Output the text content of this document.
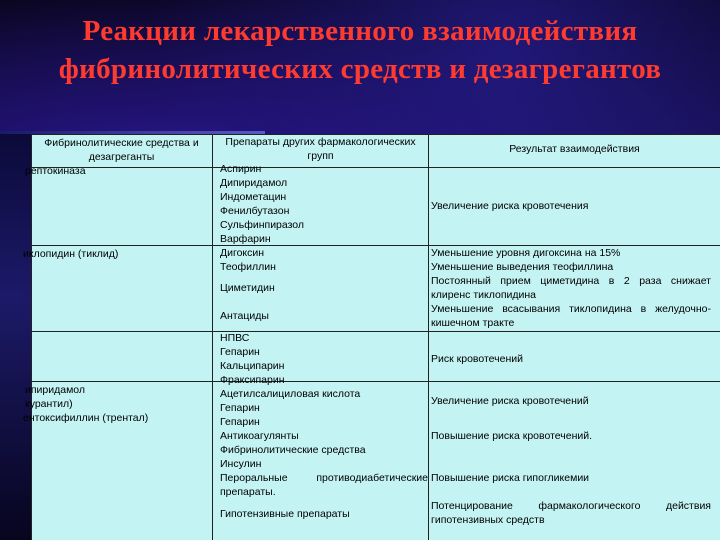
Реакции лекарственного взаимодействия
фибринолитических средств и дезагрегантов
Фибринолитические средства и
дезагреганты
Препараты других фармакологических
групп
Результат взаимодействия
рептокиназа
иклопидин (тиклид)
ипиридамол
курантил)
ентоксифиллин (трентал)
Аспирин
Дипиридамол
Индометацин
Фенилбутазон
Сульфинпиразол
Варфарин
Дигоксин
Теофиллин
Циметидин
Антациды
НПВС
Гепарин
Кальципарин
Фраксипарин
Ацетилсалициловая кислота
Гепарин
Гепарин
Антикоагулянты
Фибринолитические средства
Инсулин
Пероральные противодиабетические
препараты.
Гипотензивные препараты
Увеличение риска кровотечения
Уменьшение уровня дигоксина на 15%
Уменьшение выведения теофиллина
Постоянный прием циметидина в 2 раза снижает
клиренс тиклопидина
Уменьшение всасывания тиклопидина в желудочно-
кишечном тракте
Риск кровотечений
Увеличение риска кровотечений
Повышение риска кровотечений.
Повышение риска гипогликемии
Потенцирование фармакологического действия
гипотензивных средств
